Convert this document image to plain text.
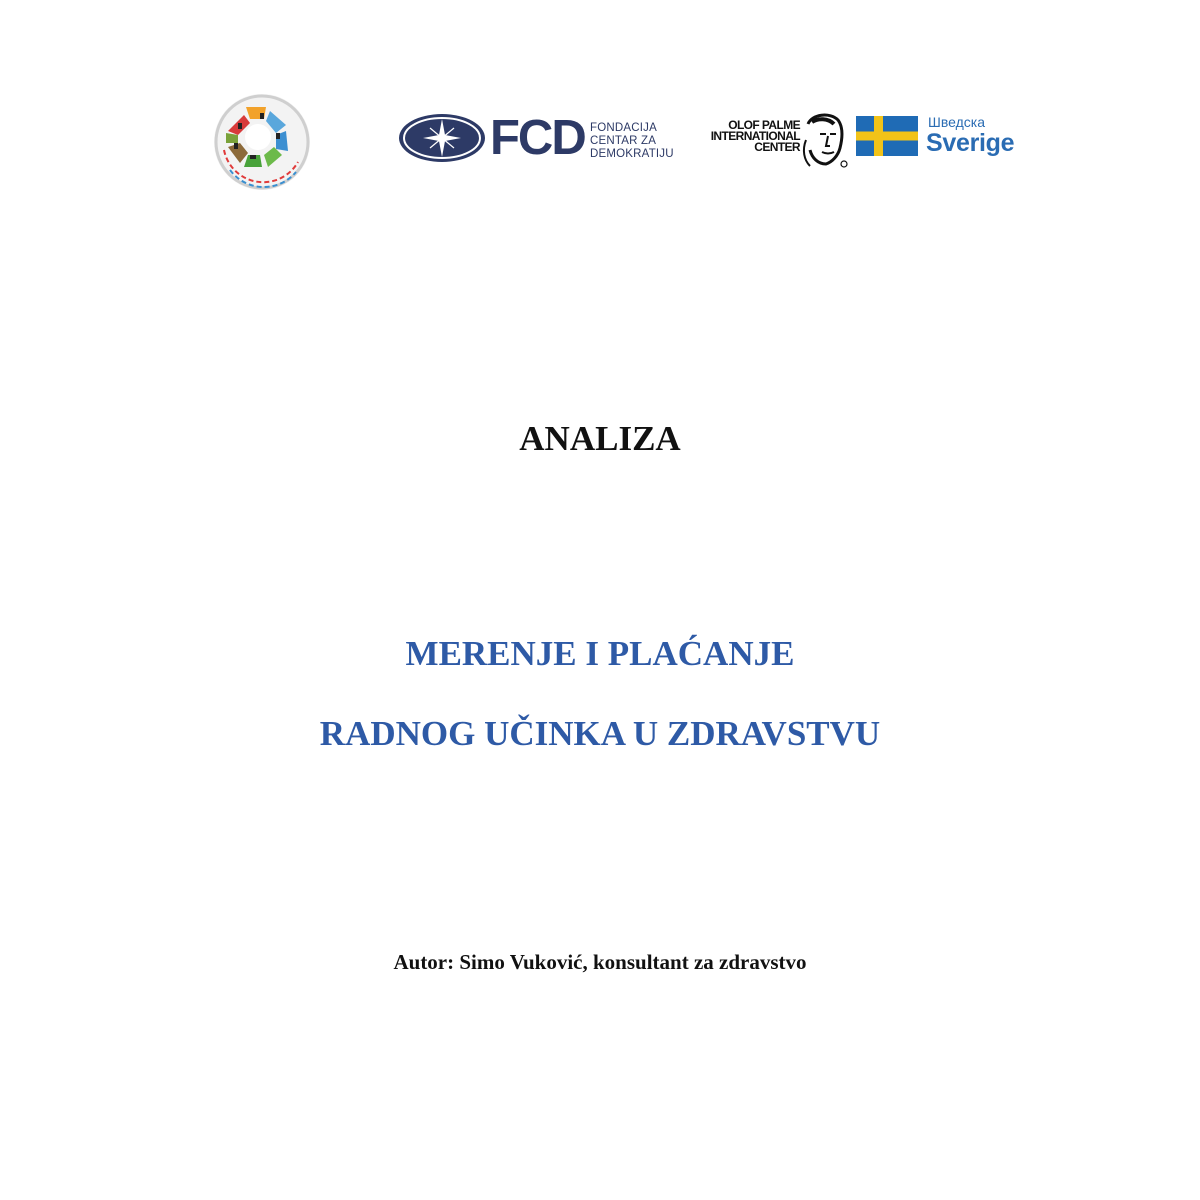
FCD FONDACIJA
CENTAR ZA
DEMOKRATIJU
OLOF PALME
INTERNATIONAL
CENTER
Шведска
Sverige
ANALIZA
MERENJE I PLAĆANJE
RADNOG UČINKA U ZDRAVSTVU
Autor: Simo Vuković, konsultant za zdravstvo
